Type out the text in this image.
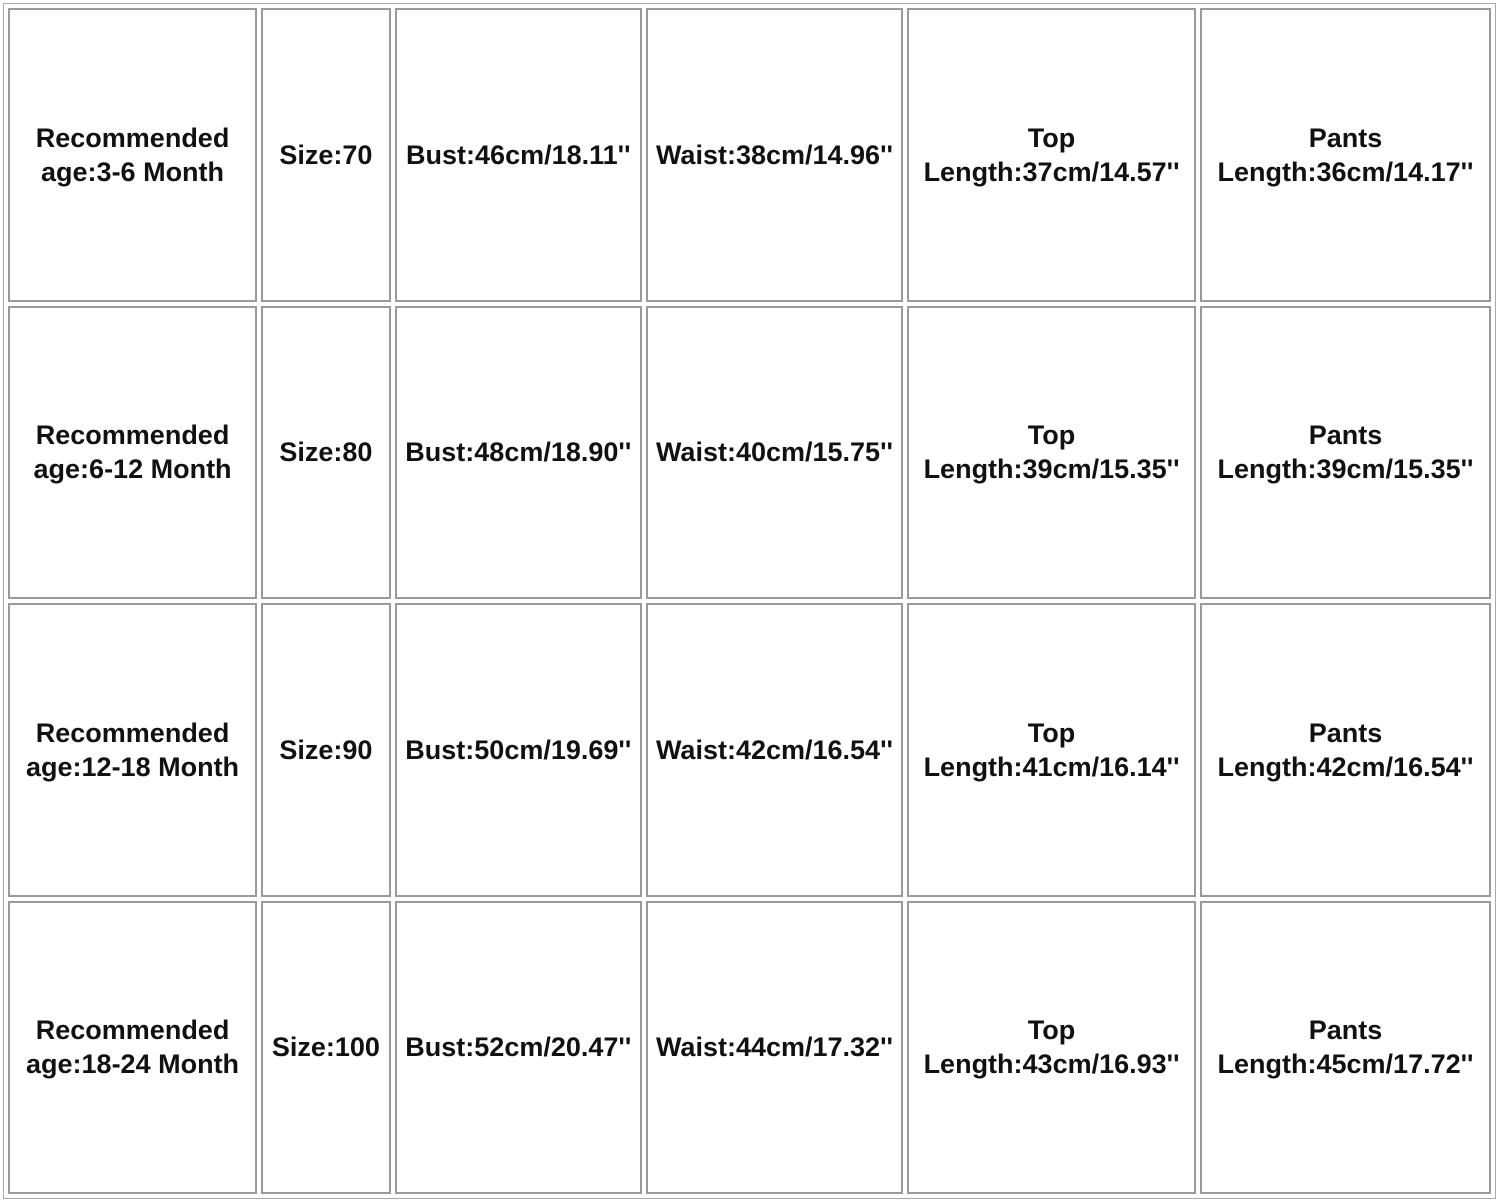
Recommended
age:3-6 Month	Size:70	Bust:46cm/18.11''	Waist:38cm/14.96''	Top
Length:37cm/14.57''	Pants
Length:36cm/14.17''
Recommended
age:6-12 Month	Size:80	Bust:48cm/18.90''	Waist:40cm/15.75''	Top
Length:39cm/15.35''	Pants
Length:39cm/15.35''
Recommended
age:12-18 Month	Size:90	Bust:50cm/19.69''	Waist:42cm/16.54''	Top
Length:41cm/16.14''	Pants
Length:42cm/16.54''
Recommended
age:18-24 Month	Size:100	Bust:52cm/20.47''	Waist:44cm/17.32''	Top
Length:43cm/16.93''	Pants
Length:45cm/17.72''
